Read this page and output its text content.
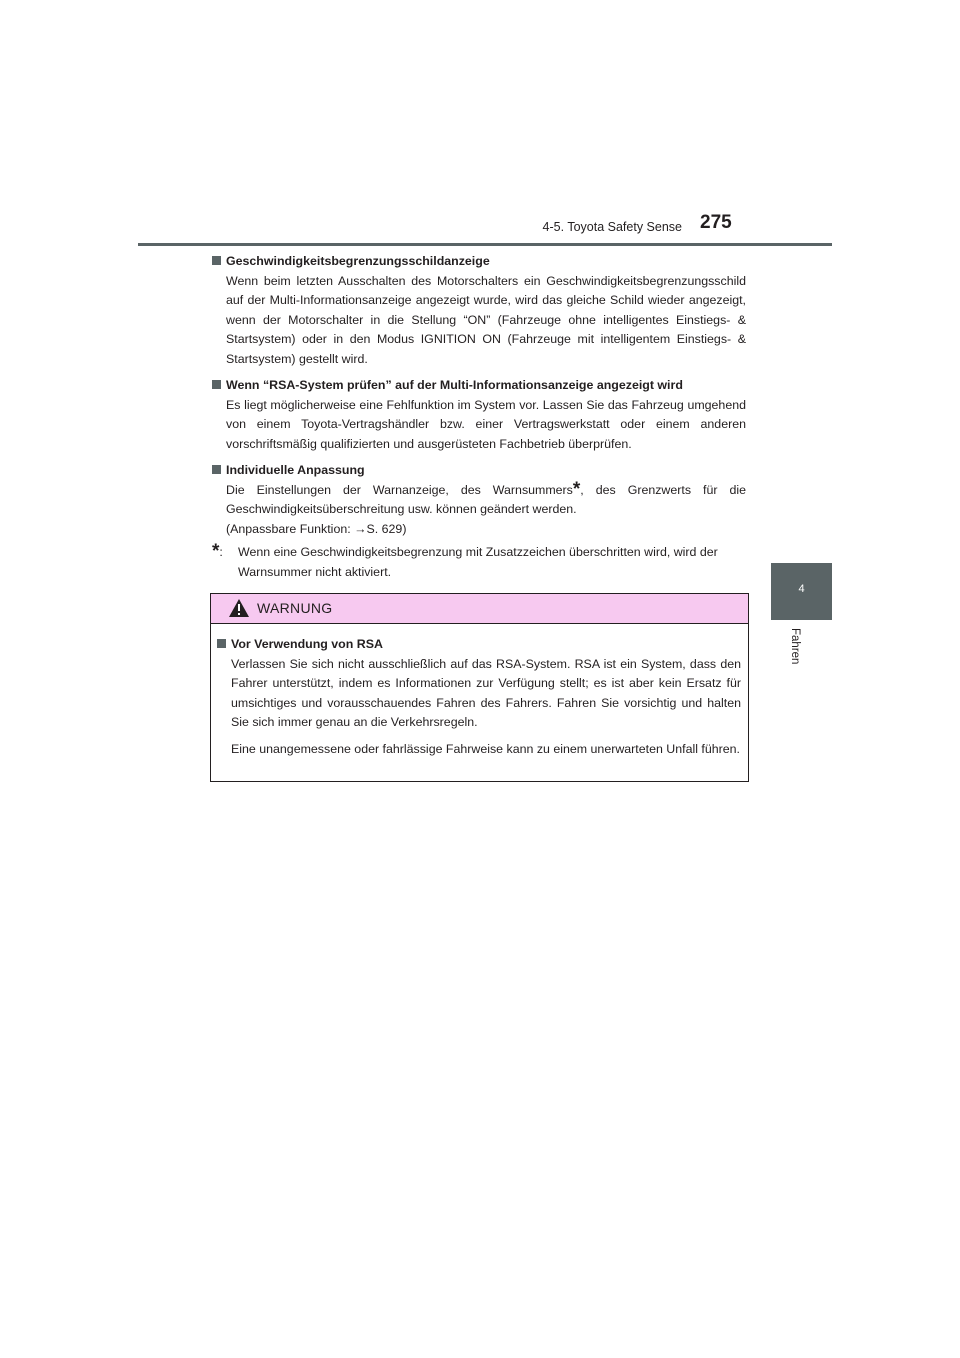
4-5. Toyota Safety Sense 275
4
Fahren
Geschwindigkeitsbegrenzungsschildanzeige

Wenn beim letzten Ausschalten des Motorschalters ein Geschwindigkeitsbegrenzungsschild auf der Multi-Informationsanzeige angezeigt wurde, wird das gleiche Schild wieder angezeigt, wenn der Motorschalter in die Stellung “ON” (Fahrzeuge ohne intelligentes Einstiegs- & Startsystem) oder in den Modus IGNITION ON (Fahrzeuge mit intelligentem Einstiegs- & Startsystem) gestellt wird.

Wenn “RSA-System prüfen” auf der Multi-Informationsanzeige angezeigt wird

Es liegt möglicherweise eine Fehlfunktion im System vor. Lassen Sie das Fahrzeug umgehend von einem Toyota-Vertragshändler bzw. einer Vertragswerkstatt oder einem anderen vorschriftsmäßig qualifizierten und ausgerüsteten Fachbetrieb überprüfen.

Individuelle Anpassung

Die Einstellungen der Warnanzeige, des Warnsummers*, des Grenzwerts für die Geschwindigkeitsüberschreitung usw. können geändert werden.

(Anpassbare Funktion: →S. 629)

*:	Wenn eine Geschwindigkeitsbegrenzung mit Zusatzzeichen überschritten wird, wird der Warnsummer nicht aktiviert.
WARNUNG
Vor Verwendung von RSA

Verlassen Sie sich nicht ausschließlich auf das RSA-System. RSA ist ein System, dass den Fahrer unterstützt, indem es Informationen zur Verfügung stellt; es ist aber kein Ersatz für umsichtiges und vorausschauendes Fahren des Fahrers. Fahren Sie vorsichtig und halten Sie sich immer genau an die Verkehrsregeln.

Eine unangemessene oder fahrlässige Fahrweise kann zu einem unerwarteten Unfall führen.
